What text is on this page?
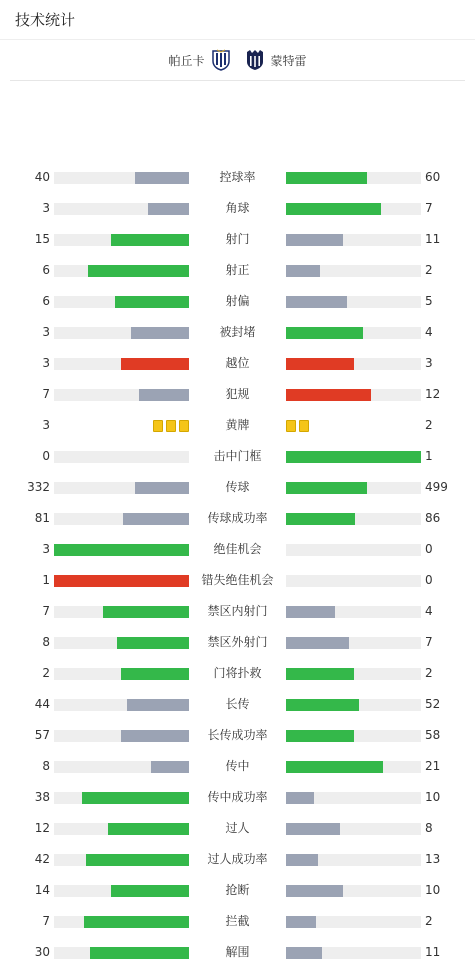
技术统计
帕丘卡	蒙特雷
40	控球率	60
3	角球	7
15	射门	11
6	射正	2
6	射偏	5
3	被封堵	4
3	越位	3
7	犯规	12
3	黄牌	2
0	击中门框	1
332	传球	499
81	传球成功率	86
3	绝佳机会	0
1	错失绝佳机会	0
7	禁区内射门	4
8	禁区外射门	7
2	门将扑救	2
44	长传	52
57	长传成功率	58
8	传中	21
38	传中成功率	10
12	过人	8
42	过人成功率	13
14	抢断	10
7	拦截	2
30	解围	11
